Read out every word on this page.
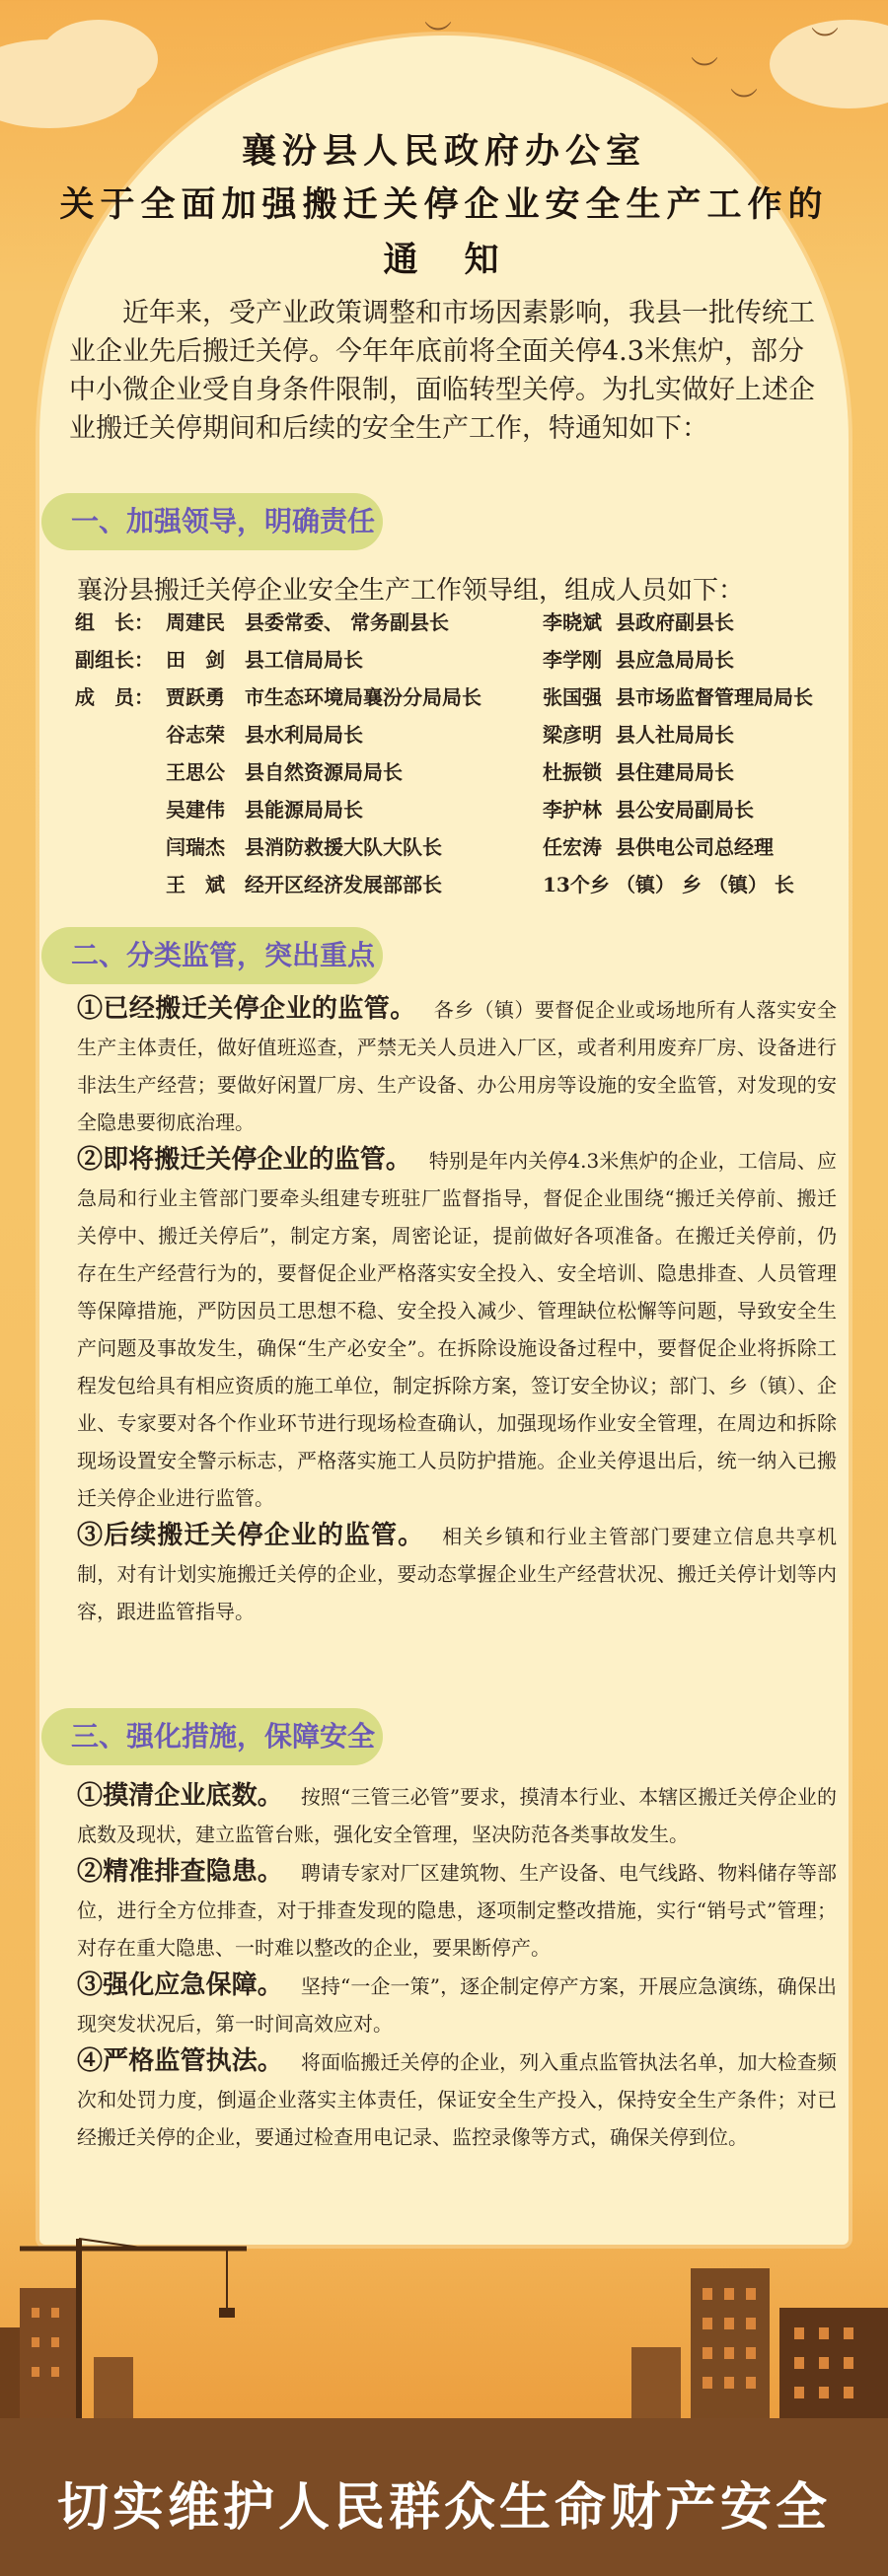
︶
︶
︶
襄汾县人民政府办公室
关于全面加强搬迁关停企业安全生产工作的
通　知

近年来，受产业政策调整和市场因素影响，我县一批传统工业企业先后搬迁关停。今年年底前将全面关停4.3米焦炉，部分中小微企业受自身条件限制，面临转型关停。为扎实做好上述企业搬迁关停期间和后续的安全生产工作，特通知如下：

一、加强领导，明确责任
襄汾县搬迁关停企业安全生产工作领导组，组成人员如下：
组　长： 周建民 县委常委、 常务副县长	李晓斌 县政府副县长
副组长： 田　剑 县工信局局长	李学刚 县应急局局长
成　员： 贾跃勇 市生态环境局襄汾分局局长	张国强 县市场监督管理局局长
谷志荣 县水利局局长	梁彦明 县人社局局长
王思公 县自然资源局局长	杜振锁 县住建局局长
吴建伟 县能源局局长	李护林 县公安局副局长
闫瑞杰 县消防救援大队大队长	任宏涛 县供电公司总经理
王　斌 经开区经济发展部部长	13个乡 （镇） 乡 （镇） 长
二、分类监管，突出重点

①已经搬迁关停企业的监管。 各乡（镇）要督促企业或场地所有人落实安全生产主体责任，做好值班巡查，严禁无关人员进入厂区，或者利用废弃厂房、设备进行非法生产经营；要做好闲置厂房、生产设备、办公用房等设施的安全监管，对发现的安全隐患要彻底治理。

②即将搬迁关停企业的监管。 特别是年内关停4.3米焦炉的企业，工信局、应急局和行业主管部门要牵头组建专班驻厂监督指导，督促企业围绕“搬迁关停前、搬迁关停中、搬迁关停后”，制定方案，周密论证，提前做好各项准备。在搬迁关停前，仍存在生产经营行为的，要督促企业严格落实安全投入、安全培训、隐患排查、人员管理等保障措施，严防因员工思想不稳、安全投入减少、管理缺位松懈等问题，导致安全生产问题及事故发生，确保“生产必安全”。在拆除设施设备过程中，要督促企业将拆除工程发包给具有相应资质的施工单位，制定拆除方案，签订安全协议；部门、乡（镇）、企业、专家要对各个作业环节进行现场检查确认，加强现场作业安全管理，在周边和拆除现场设置安全警示标志，严格落实施工人员防护措施。企业关停退出后，统一纳入已搬迁关停企业进行监管。

③后续搬迁关停企业的监管。 相关乡镇和行业主管部门要建立信息共享机制，对有计划实施搬迁关停的企业，要动态掌握企业生产经营状况、搬迁关停计划等内容，跟进监管指导。

三、强化措施，保障安全

①摸清企业底数。 按照“三管三必管”要求，摸清本行业、本辖区搬迁关停企业的底数及现状，建立监管台账，强化安全管理，坚决防范各类事故发生。

②精准排查隐患。 聘请专家对厂区建筑物、生产设备、电气线路、物料储存等部位，进行全方位排查，对于排查发现的隐患，逐项制定整改措施，实行“销号式”管理；对存在重大隐患、一时难以整改的企业，要果断停产。

③强化应急保障。 坚持“一企一策”，逐企制定停产方案，开展应急演练，确保出现突发状况后，第一时间高效应对。

④严格监管执法。 将面临搬迁关停的企业，列入重点监管执法名单，加大检查频次和处罚力度，倒逼企业落实主体责任，保证安全生产投入，保持安全生产条件；对已经搬迁关停的企业，要通过检查用电记录、监控录像等方式，确保关停到位。

切实维护人民群众生命财产安全
